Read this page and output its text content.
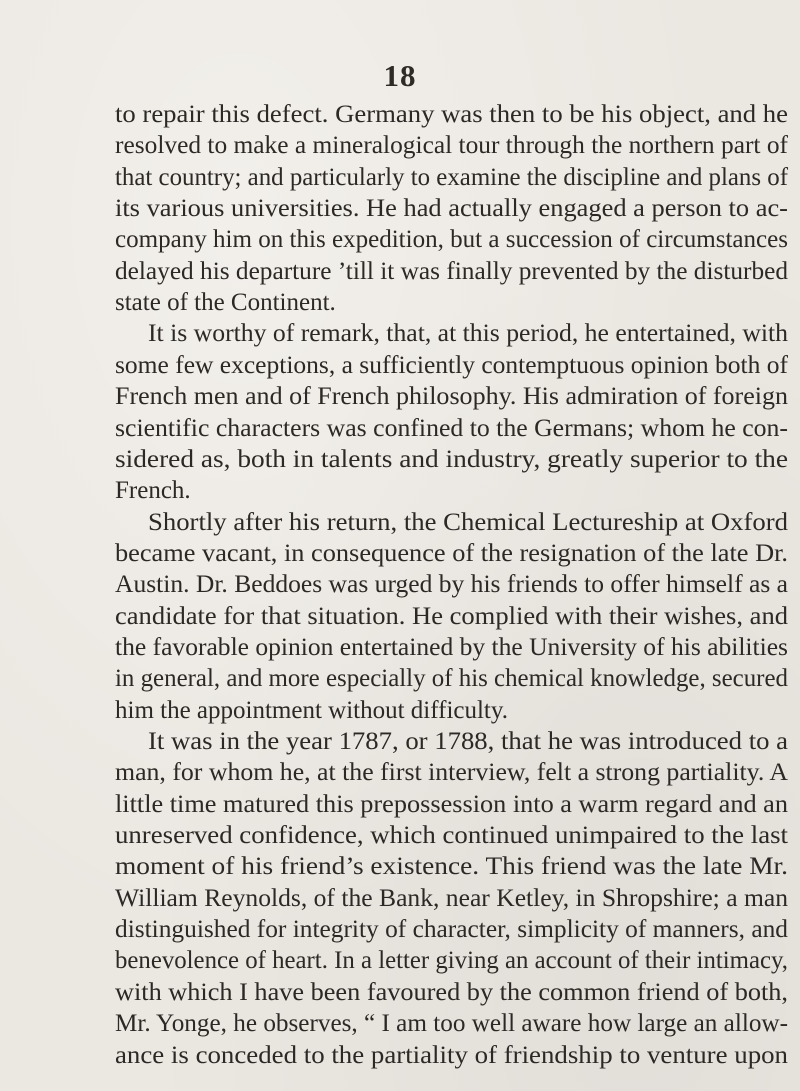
18
to repair this defect. Germany was then to be his object, and he
resolved to make a mineralogical tour through the northern part of
that country; and particularly to examine the discipline and plans of
its various universities. He had actually engaged a person to ac-
company him on this expedition, but a succession of circumstances
delayed his departure ’till it was finally prevented by the disturbed
state of the Continent.
It is worthy of remark, that, at this period, he entertained, with
some few exceptions, a sufficiently contemptuous opinion both of
French men and of French philosophy. His admiration of foreign
scientific characters was confined to the Germans; whom he con-
sidered as, both in talents and industry, greatly superior to the
French.
Shortly after his return, the Chemical Lectureship at Oxford
became vacant, in consequence of the resignation of the late Dr.
Austin. Dr. Beddoes was urged by his friends to offer himself as a
candidate for that situation. He complied with their wishes, and
the favorable opinion entertained by the University of his abilities
in general, and more especially of his chemical knowledge, secured
him the appointment without difficulty.
It was in the year 1787, or 1788, that he was introduced to a
man, for whom he, at the first interview, felt a strong partiality. A
little time matured this prepossession into a warm regard and an
unreserved confidence, which continued unimpaired to the last
moment of his friend’s existence. This friend was the late Mr.
William Reynolds, of the Bank, near Ketley, in Shropshire; a man
distinguished for integrity of character, simplicity of manners, and
benevolence of heart. In a letter giving an account of their intimacy,
with which I have been favoured by the common friend of both,
Mr. Yonge, he observes, “ I am too well aware how large an allow-
ance is conceded to the partiality of friendship to venture upon
